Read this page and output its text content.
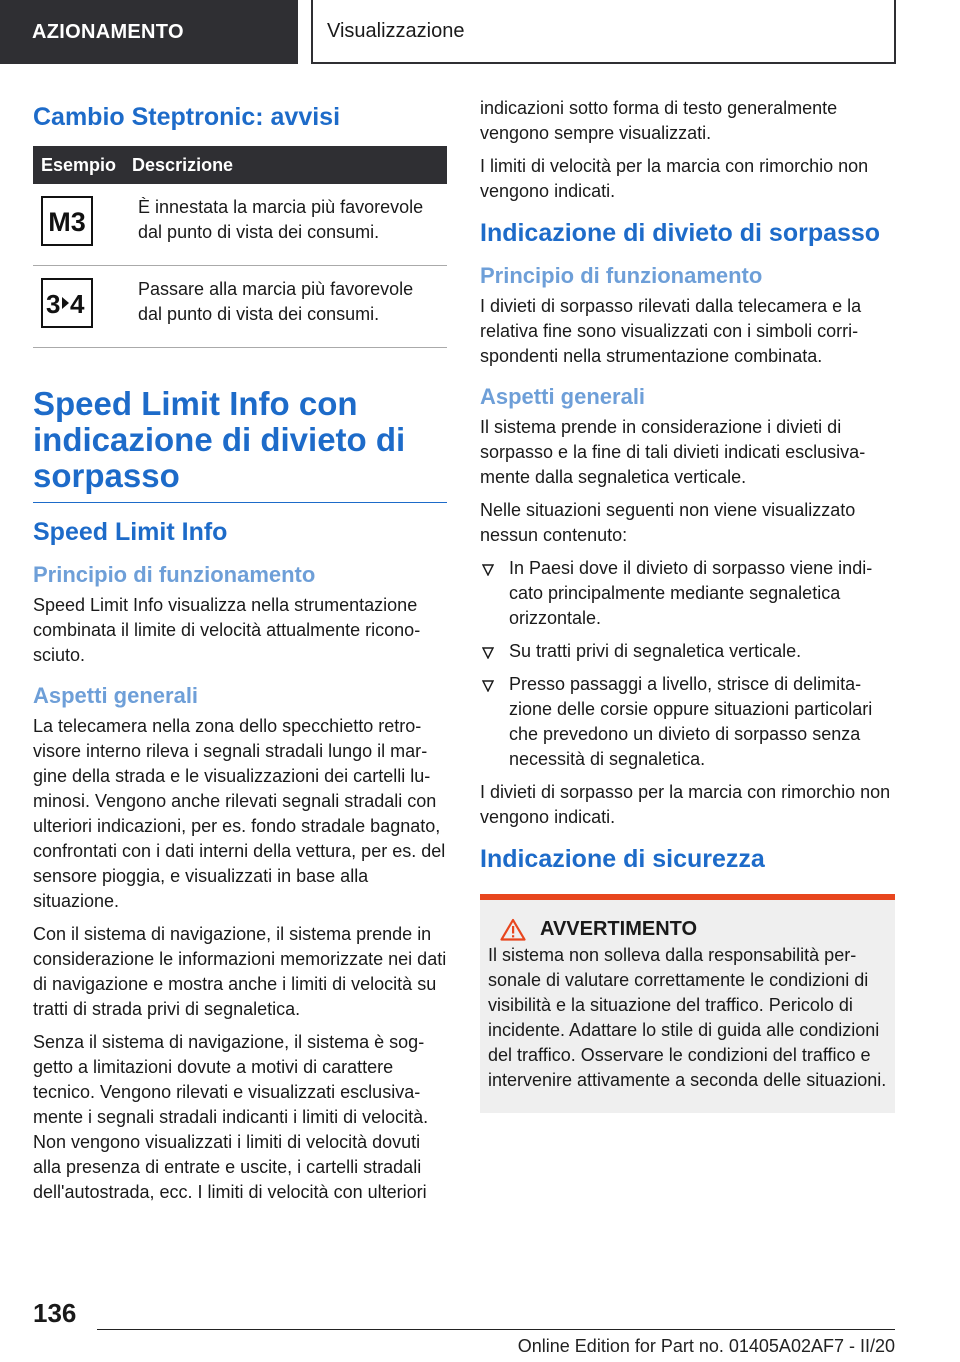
AZIONAMENTO	Visualizzazione
Cambio Steptronic: avvisi
Esempio	Descrizione

M3	È innestata la marcia più favorevole dal punto di vista dei consumi.

3 4	Passare alla marcia più favorevole dal punto di vista dei consumi.
Speed Limit Info con indicazione di divieto di sorpasso
Speed Limit Info
Principio di funzionamento

Speed Limit Info visualizza nella strumentazione combinata il limite di velocità attualmente riconosciuto.

Aspetti generali

La telecamera nella zona dello specchietto retrovisore interno rileva i segnali stradali lungo il margine della strada e le visualizzazioni dei cartelli luminosi. Vengono anche rilevati segnali stradali con ulteriori indicazioni, per es. fondo stradale bagnato, confrontati con i dati interni della vettura, per es. del sensore pioggia, e visualizzati in base alla situazione.

Con il sistema di navigazione, il sistema prende in considerazione le informazioni memorizzate nei dati di navigazione e mostra anche i limiti di velocità su tratti di strada privi di segnaletica.

Senza il sistema di navigazione, il sistema è soggetto a limitazioni dovute a motivi di carattere tecnico. Vengono rilevati e visualizzati esclusivamente i segnali stradali indicanti i limiti di velocità. Non vengono visualizzati i limiti di velocità dovuti alla presenza di entrate e uscite, i cartelli stradali dell'autostrada, ecc. I limiti di velocità con ulteriori

indicazioni sotto forma di testo generalmente vengono sempre visualizzati.

I limiti di velocità per la marcia con rimorchio non vengono indicati.

Indicazione di divieto di sorpasso
Principio di funzionamento

I divieti di sorpasso rilevati dalla telecamera e la relativa fine sono visualizzati con i simboli corrispondenti nella strumentazione combinata.

Aspetti generali

Il sistema prende in considerazione i divieti di sorpasso e la fine di tali divieti indicati esclusivamente dalla segnaletica verticale.

Nelle situazioni seguenti non viene visualizzato nessun contenuto:

In Paesi dove il divieto di sorpasso viene indicato principalmente mediante segnaletica orizzontale.
Su tratti privi di segnaletica verticale.
Presso passaggi a livello, strisce di delimitazione delle corsie oppure situazioni particolari che prevedono un divieto di sorpasso senza necessità di segnaletica.

I divieti di sorpasso per la marcia con rimorchio non vengono indicati.

Indicazione di sicurezza
AVVERTIMENTO

Il sistema non solleva dalla responsabilità personale di valutare correttamente le condizioni di visibilità e la situazione del traffico. Pericolo di incidente. Adattare lo stile di guida alle condizioni del traffico. Osservare le condizioni del traffico e intervenire attivamente a seconda delle situazioni.

136
Online Edition for Part no. 01405A02AF7 - II/20
